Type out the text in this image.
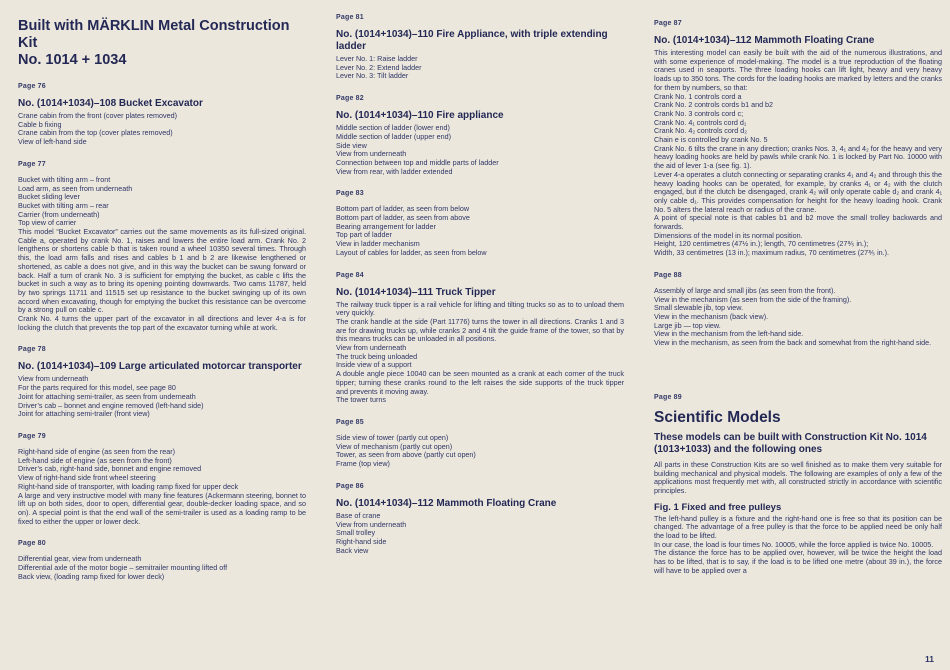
Built with MÄRKLIN Metal Construction Kit
No. 1014 + 1034
Page 76
No. (1014+1034)–108 Bucket Excavator
Crane cabin from the front (cover plates removed)
Cable b fixing
Crane cabin from the top (cover plates removed)
View of left-hand side
Page 77
Bucket with tilting arm – front
Load arm, as seen from underneath
Bucket sliding lever
Bucket with tilting arm – rear
Carrier (from underneath)
Top view of carrier
This model “Bucket Excavator” carries out the same movements as its full-sized original. Cable a, operated by crank No. 1, raises and lowers the entire load arm. Crank No. 2 lengthens or shortens cable b that is taken round a wheel 10350 several times. Through this, the load arm falls and rises and cables b 1 and b 2 are likewise lengthened or shortened, as cable a does not give, and in this way the bucket can be swung forward or back. Half a turn of crank No. 3 is sufficient for emptying the bucket, as cable c lifts the bucket in such a way as to bring its opening pointing downwards. Two cams 11787, held by two springs 11711 and 11515 set up resistance to the bucket swinging up of its own accord when excavating, though for emptying the bucket this resistance can be overcome by a strong pull on cable c.
Crank No. 4 turns the upper part of the excavator in all directions and lever 4-a is for locking the clutch that prevents the top part of the excavator turning while at work.
Page 78
No. (1014+1034)–109 Large articulated motorcar transporter
View from underneath
For the parts required for this model, see page 80
Joint for attaching semi-trailer, as seen from underneath
Driver’s cab – bonnet and engine removed (left-hand side)
Joint for attaching semi-trailer (front view)
Page 79
Right-hand side of engine (as seen from the rear)
Left-hand side of engine (as seen from the front)
Driver’s cab, right-hand side, bonnet and engine removed
View of right-hand side front wheel steering
Right-hand side of transporter, with loading ramp fixed for upper deck
A large and very instructive model with many fine features (Ackermann steering, bonnet to lift up on both sides, door to open, differential gear, double-decker loading space, and so on). A special point is that the end wall of the semi-trailer is used as a loading ramp to be fixed to either the upper or lower deck.
Page 80
Differential gear, view from underneath
Differential axle of the motor bogie – semitrailer mounting lifted off
Back view, (loading ramp fixed for lower deck)
Page 81
No. (1014+1034)–110 Fire Appliance, with triple extending ladder
Lever No. 1: Raise ladder
Lever No. 2: Extend ladder
Lever No. 3: Tilt ladder
Page 82
No. (1014+1034)–110 Fire appliance
Middle section of ladder (lower end)
Middle section of ladder (upper end)
Side view
View from underneath
Connection between top and middle parts of ladder
View from rear, with ladder extended
Page 83
Bottom part of ladder, as seen from below
Bottom part of ladder, as seen from above
Bearing arrangement for ladder
Top part of ladder
View in ladder mechanism
Layout of cables for ladder, as seen from below
Page 84
No. (1014+1034)–111 Truck Tipper
The railway truck tipper is a rail vehicle for lifting and tilting trucks so as to to unload them very quickly.
The crank handle at the side (Part 11776) turns the tower in all directions. Cranks 1 and 3 are for drawing trucks up, while cranks 2 and 4 tilt the guide frame of the tower, so that by this means trucks can be unloaded in all positions.
View from underneath
The truck being unloaded
Inside view of a support
A double angle piece 10040 can be seen mounted as a crank at each corner of the truck tipper; turning these cranks round to the left raises the side supports of the truck tipper and prevents it moving away.
The tower turns
Page 85
Side view of tower (partly cut open)
View of mechanism (partly cut open)
Tower, as seen from above (partly cut open)
Frame (top view)
Page 86
No. (1014+1034)–112 Mammoth Floating Crane
Base of crane
View from underneath
Small trolley
Right-hand side
Back view
Page 87
No. (1014+1034)–112 Mammoth Floating Crane
This interesting model can easily be built with the aid of the numerous illustrations, and with some experience of model-making. The model is a true reproduction of the floating cranes used in seaports. The three loading hooks can lift light, heavy and very heavy loads up to 350 tons. The cords for the loading hooks are marked by letters and the cranks for them by numbers, so that:
Crank No. 1 controls cord a
Crank No. 2 controls cords b1 and b2
Crank No. 3 controls cord c;
Crank No. 4₁ controls cord d₁
Crank No. 4₂ controls cord d₂
Chain e is controlled by crank No. 5
Crank No. 6 tilts the crane in any direction; cranks Nos. 3, 4₁ and 4₂ for the heavy and very heavy loading hooks are held by pawls while crank No. 1 is locked by Part No. 10000 with the aid of lever 1-a (see fig. 1).
Lever 4-a operates a clutch connecting or separating cranks 4₁ and 4₂ and through this the heavy loading hooks can be operated, for example, by cranks 4₁ or 4₂ with the clutch engaged, but if the clutch be disengaged, crank 4₂ will only operate cable d₂ and crank 4₁ only cable d₁. This provides compensation for height for the heavy loading hook. Crank No. 5 alters the lateral reach or radius of the crane.
A point of special note is that cables b1 and b2 move the small trolley backwards and forwards.
Dimensions of the model in its normal position.
Height, 120 centimetres (47½ in.); length, 70 centimetres (27⅗ in.);
Width, 33 centimetres (13 in.); maximum radius, 70 centimetres (27⅗ in.).
Page 88
Assembly of large and small jibs (as seen from the front).
View in the mechanism (as seen from the side of the framing).
Small slewable jib, top view.
View in the mechanism (back view).
Large jib — top view.
View in the mechanism from the left-hand side.
View in the mechanism, as seen from the back and somewhat from the right-hand side.
Page 89
Scientific Models
These models can be built with Construction Kit No. 1014 (1013+1033) and the following ones
All parts in these Construction Kits are so well finished as to make them very suitable for building mechanical and physical models. The following are examples of only a few of the applications most frequently met with, all constructed strictly in accordance with scientific principles.
Fig. 1 Fixed and free pulleys
The left-hand pulley is a fixture and the right-hand one is free so that its position can be changed. The advantage of a free pulley is that the force to be applied need be only half the load to be lifted.
In our case, the load is four times No. 10005, while the force applied is twice No. 10005.
The distance the force has to be applied over, however, will be twice the height the load has to be lifted, that is to say, if the load is to be lifted one metre (about 39 in.), the force will have to be applied over a
11
